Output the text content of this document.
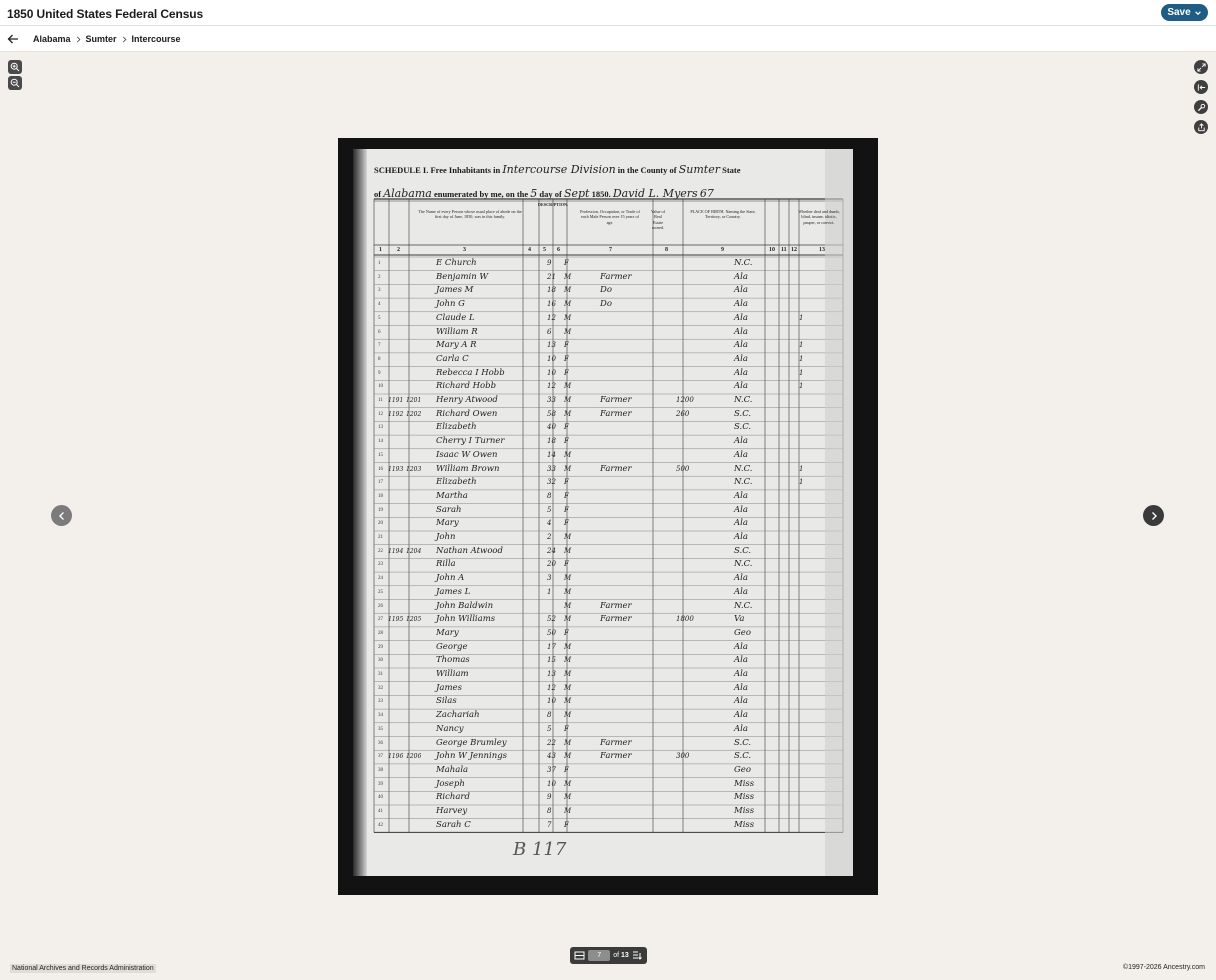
1850 United States Federal Census	Save
Alabama Sumter Intercourse
SCHEDULE I. Free Inhabitants in Intercourse Division in the County of Sumter State
of Alabama enumerated by me, on the 5 day of Sept 1850. David L. Myers 67
The Name of every Person whose usual place of abode on the first day of June, 1850, was in this family.
DESCRIPTION.
Profession, Occupation, or Trade of each Male Person over 15 years of age.
Value of Real Estate owned.
PLACE OF BIRTH. Naming the State, Territory, or Country.
Whether deaf and dumb, blind, insane, idiotic, pauper, or convict.
1	2	3	4 5 6	7	8	9	10 11 12	13
1	E Church	9 F	N.C.
2	Benjamin W	21 M	Farmer	Ala
3	James M	18 M	Do	Ala
4	John G	16 M	Do	Ala
5	Claude L	12 M	Ala	1
6	William R	6 M	Ala
7	Mary A R	13 F	Ala	1
8	Carla C	10 F	Ala	1
9	Rebecca I Hobb	10 F	Ala	1
10	Richard Hobb	12 M	Ala	1
11 1191 1201 Henry Atwood	33 M	Farmer	1200	N.C.
12 1192 1202 Richard Owen	58 M	Farmer	260	S.C.
13	Elizabeth	40 F	S.C.
14	Cherry I Turner	18 F	Ala
15	Isaac W Owen	14 M	Ala
16 1193 1203 William Brown	33 M	Farmer	500	N.C.	1
17	Elizabeth	32 F	N.C.	1
18	Martha	8 F	Ala
19	Sarah	5 F	Ala
20	Mary	4 F	Ala
21	John	2 M	Ala
22 1194 1204 Nathan Atwood	24 M	S.C.
23	Rilla	20 F	N.C.
24	John A	3 M	Ala
25	James L	1 M	Ala
26	John Baldwin	M	Farmer	N.C.
27 1195 1205 John Williams	52 M	Farmer	1800	Va
28	Mary	50 F	Geo
29	George	17 M	Ala
30	Thomas	15 M	Ala
31	William	13 M	Ala
32	James	12 M	Ala
33	Silas	10 M	Ala
34	Zachariah	8 M	Ala
35	Nancy	5 F	Ala
36	George Brumley	22 M	Farmer	S.C.
37 1196 1206 John W Jennings	43 M	Farmer	300	S.C.
38	Mahala	37 F	Geo
39	Joseph	10 M	Miss
40	Richard	9 M	Miss
41	Harvey	8 M	Miss
42	Sarah C	7 F	Miss
B 117
National Archives and Records Administration	©1997-2026 Ancestry.com
7
of 13
